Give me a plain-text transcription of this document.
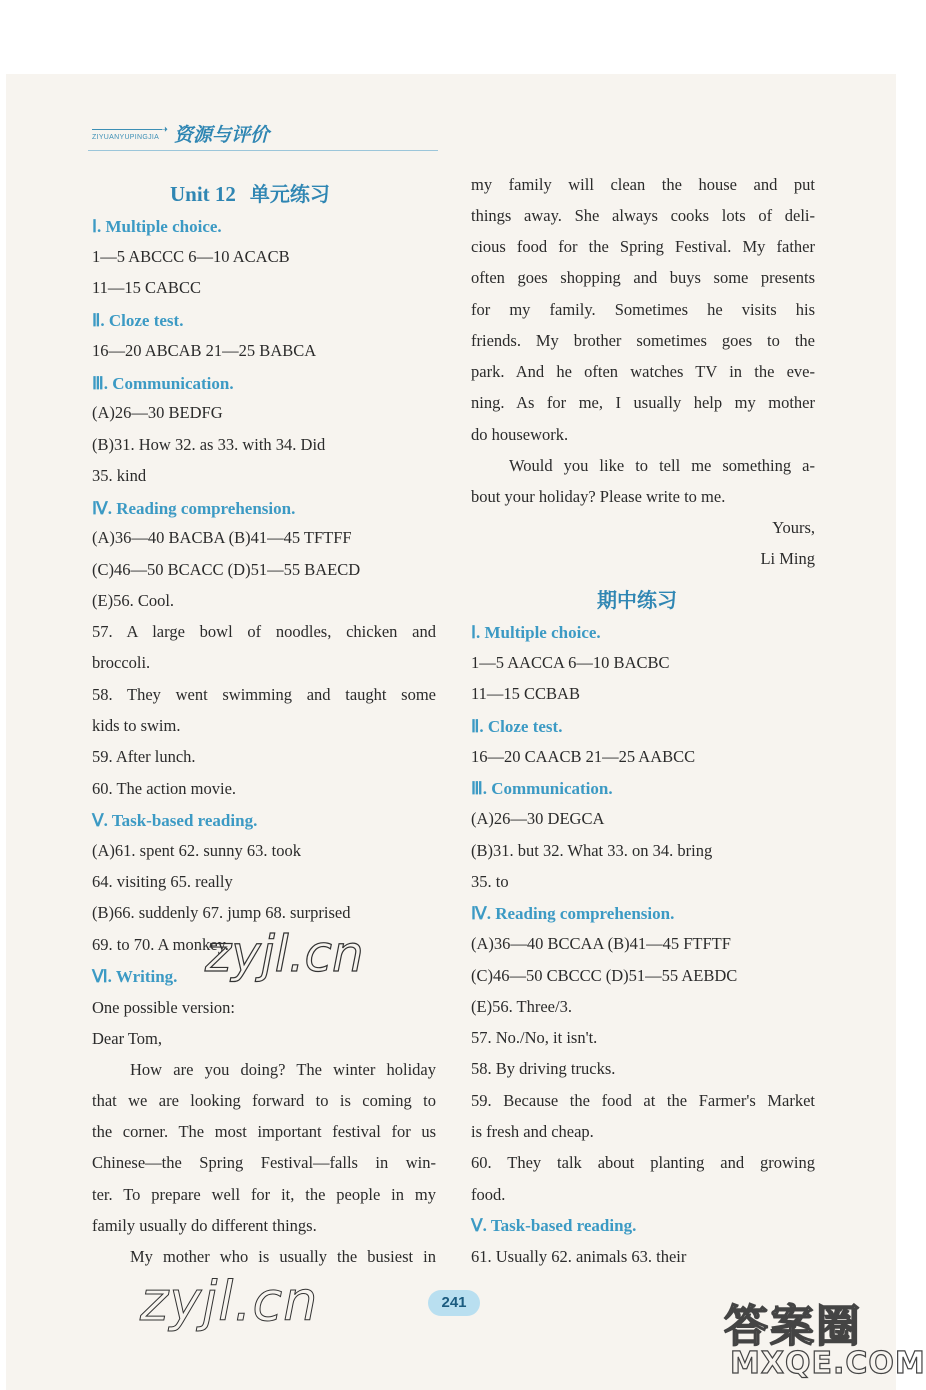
➝
ZIYUANYUPINGJIA 资源与评价
Unit 12 单元练习
Ⅰ. Multiple choice.
1—5 ABCCC 6—10 ACACB
11—15 CABCC
Ⅱ. Cloze test.
16—20 ABCAB 21—25 BABCA
Ⅲ. Communication.
(A)26—30 BEDFG
(B)31. How 32. as 33. with 34. Did
35. kind
Ⅳ. Reading comprehension.
(A)36—40 BACBA (B)41—45 TFTFF
(C)46—50 BCACC (D)51—55 BAECD
(E)56. Cool.
57. A large bowl of noodles, chicken and
broccoli.
58. They went swimming and taught some
kids to swim.
59. After lunch.
60. The action movie.
Ⅴ. Task-based reading.
(A)61. spent 62. sunny 63. took
64. visiting 65. really
(B)66. suddenly 67. jump 68. surprised
69. to 70. A monkey.
Ⅵ. Writing.
One possible version:
Dear Tom,
How are you doing? The winter holiday
that we are looking forward to is coming to
the corner. The most important festival for us
Chinese—the Spring Festival—falls in win-
ter. To prepare well for it, the people in my
family usually do different things.
My mother who is usually the busiest in
my family will clean the house and put
things away. She always cooks lots of deli-
cious food for the Spring Festival. My father
often goes shopping and buys some presents
for my family. Sometimes he visits his
friends. My brother sometimes goes to the
park. And he often watches TV in the eve-
ning. As for me, I usually help my mother
do housework.
Would you like to tell me something a-
bout your holiday? Please write to me.
Yours,
Li Ming
期中练习
Ⅰ. Multiple choice.
1—5 AACCA 6—10 BACBC
11—15 CCBAB
Ⅱ. Cloze test.
16—20 CAACB 21—25 AABCC
Ⅲ. Communication.
(A)26—30 DEGCA
(B)31. but 32. What 33. on 34. bring
35. to
Ⅳ. Reading comprehension.
(A)36—40 BCCAA (B)41—45 FTFTF
(C)46—50 CBCCC (D)51—55 AEBDC
(E)56. Three/3.
57. No./No, it isn't.
58. By driving trucks.
59. Because the food at the Farmer's Market
is fresh and cheap.
60. They talk about planting and growing
food.
Ⅴ. Task-based reading.
61. Usually 62. animals 63. their
241
zyjl.cn
zyjl.cn	答案圈
MXQE.COM
